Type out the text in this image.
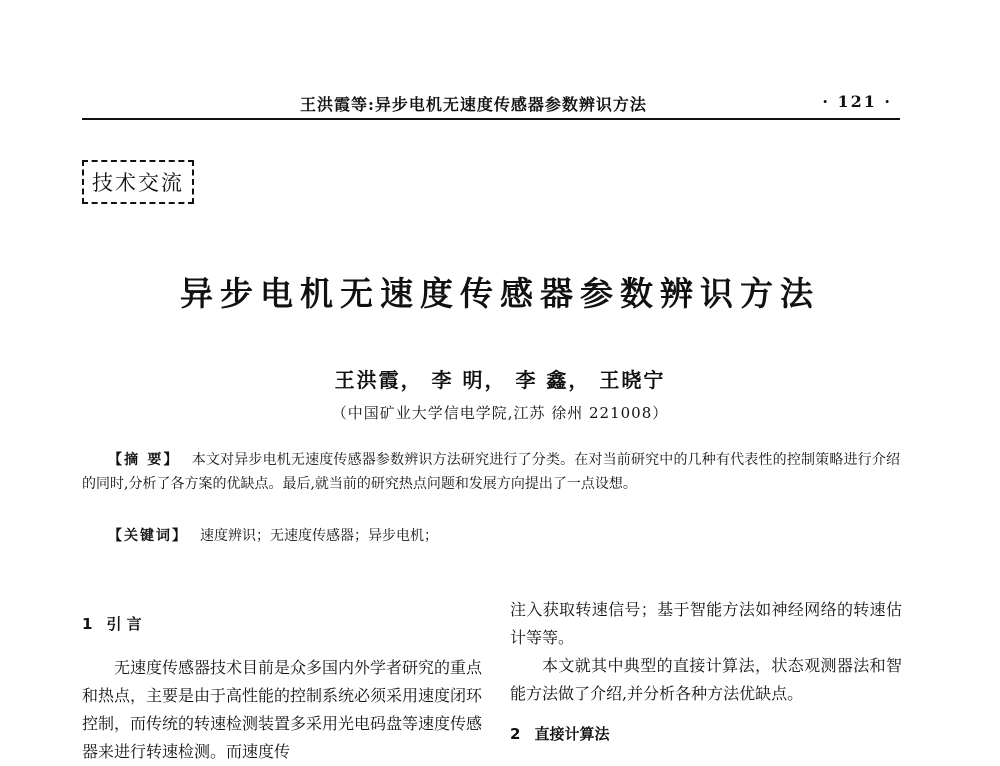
王洪霞等:异步电机无速度传感器参数辨识方法	· 121 ·
技术交流
异步电机无速度传感器参数辨识方法
王洪霞， 李 明， 李 鑫， 王晓宁
（中国矿业大学信电学院,江苏 徐州 221008）

【摘 要】 本文对异步电机无速度传感器参数辨识方法研究进行了分类。在对当前研究中的几种有代表性的控制策略进行介绍的同时,分析了各方案的优缺点。最后,就当前的研究热点问题和发展方向提出了一点设想。

【关键词】 速度辨识；无速度传感器；异步电机；
1 引 言

无速度传感器技术目前是众多国内外学者研究的重点和热点，主要是由于高性能的控制系统必须采用速度闭环控制，而传统的转速检测装置多采用光电码盘等速度传感器来进行转速检测。而速度传

注入获取转速信号；基于智能方法如神经网络的转速估计等等。

本文就其中典型的直接计算法，状态观测器法和智能方法做了介绍,并分析各种方法优缺点。

2 直接计算法
